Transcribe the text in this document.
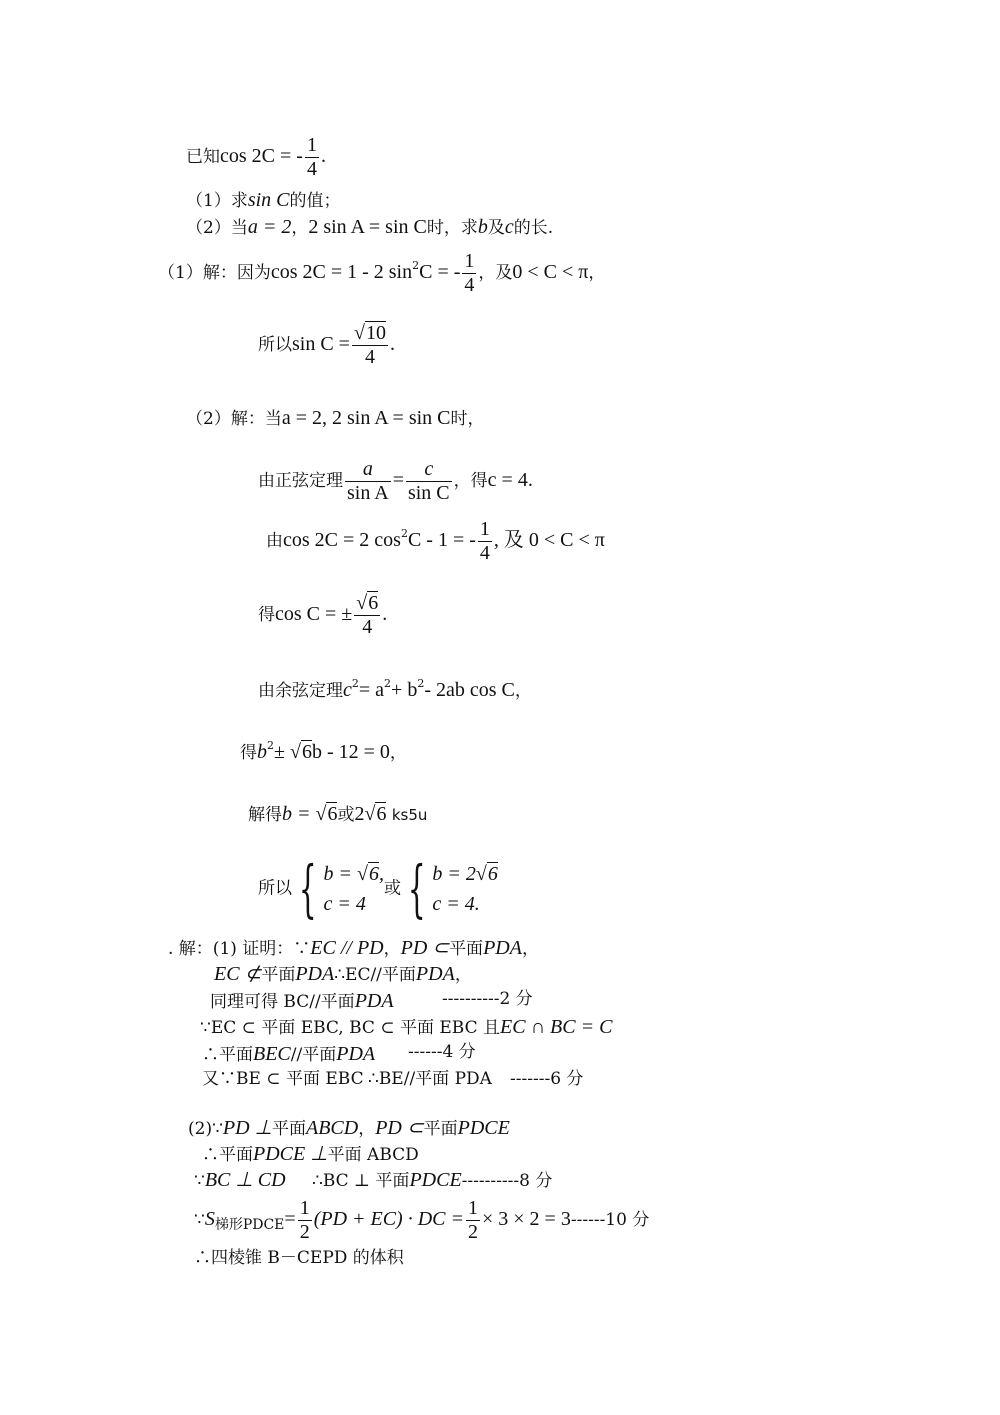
已知cos 2C = - $\frac{1}{4}$ .
（1）求sin C的值；
（2）当a = 2，2 sin A = sin C时，求b及c的长.
（1）解：因为cos 2C = 1 - 2 $\sin^2C$ = - $\frac{1}{4}$ ，及0 < C < π，
所以$\sin C = \frac{√10}{4}$ .
（2）解：当a = 2, 2 sin A = sin C时，
由正弦定理 $\frac{a}{\text{sin A}} = \frac{c}{\text{sin C}}$ ，得c = 4.
由cos 2C = 2 $\cos^2C - 1$ = - $\frac{1}{4}$ , 及 0 < C < π
得cos C = ± $\frac{√6}{4}$ .
由余弦定理$c^2= a^2+ b^2-$ 2ab cos C，
得$b^2\pm √6b - 12 = 0$，
解得b = √6或2√6 ks5u
所以 { b = √6,
c = 4
或 { b = 2√6
c = 4.
. 解：(1) 证明：∵EC // PD，PD ⊂平面PDA，
EC ⊄平面PDA∴EC//平面PDA，
同理可得 BC//平面PDA	----------2 分
∵EC ⊂ 平面 EBC, BC ⊂ 平面 EBC 且EC ∩ BC = C
∴平面BEC//平面PDA ------4 分
又∵BE ⊂ 平面 EBC ∴BE//平面 PDA -------6 分
(2)∵PD ⊥平面ABCD，PD ⊂平面PDCE
∴平面PDCE ⊥平面 ABCD
∵BC ⊥ CD ∴BC ⊥ 平面PDCE----------8 分
$\because S_{梯形PDCE}= \frac{1}{2} (PD + EC)$ · DC = $\frac{1}{2} \times 3 \times 2 = 3------10$ 分
∴四棱锥 B－CEPD 的体积
